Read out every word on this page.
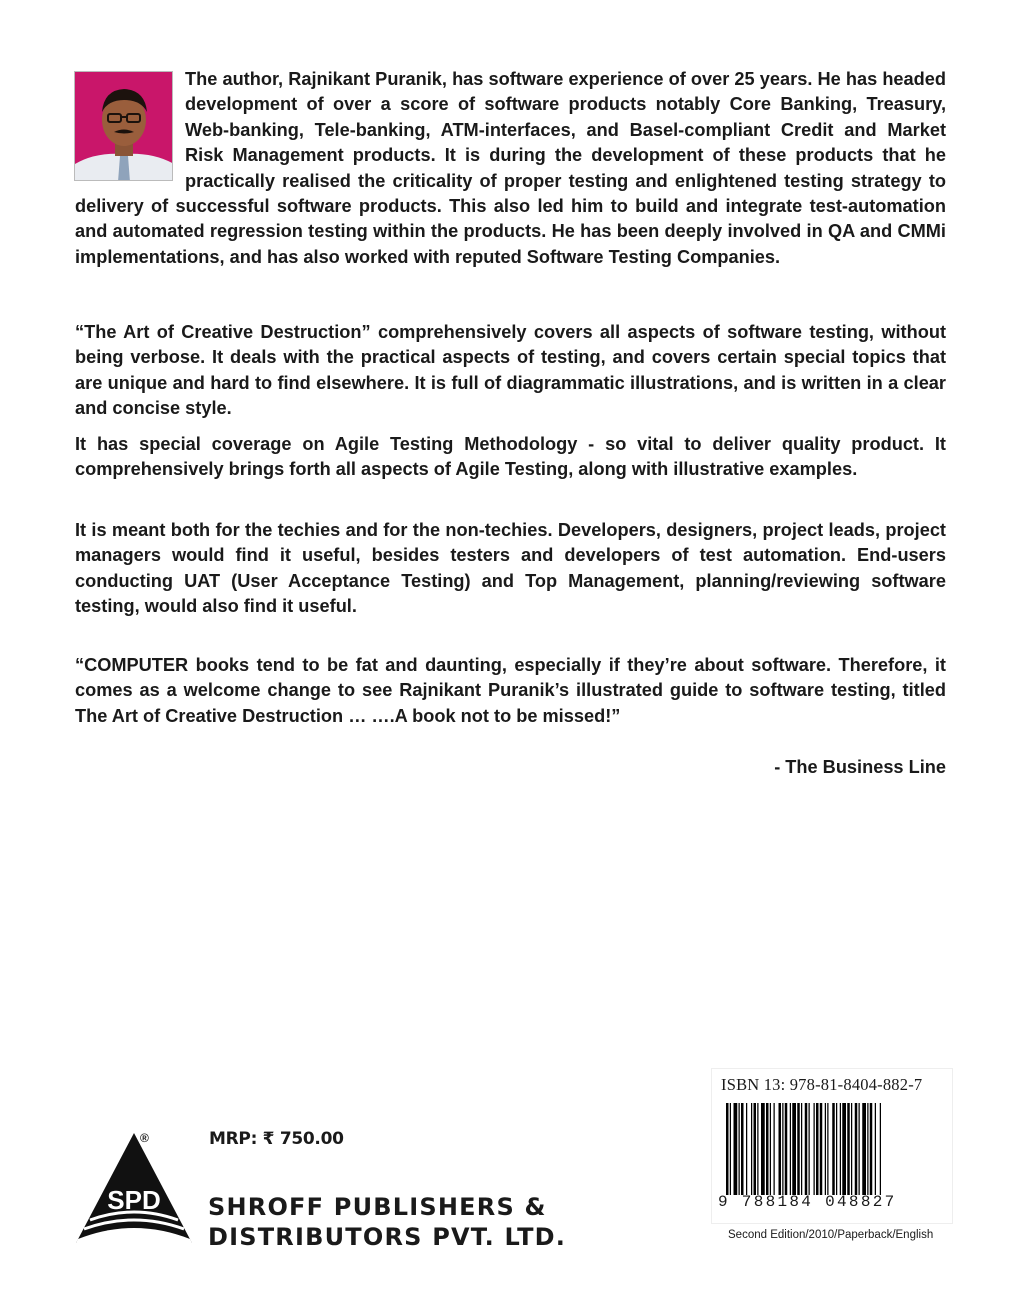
The author, Rajnikant Puranik, has software experience of over 25 years. He has headed development of over a score of software products notably Core Banking, Treasury, Web-banking, Tele-banking, ATM-interfaces, and Basel-compliant Credit and Market Risk Management products. It is during the development of these products that he practically realised the criticality of proper testing and enlightened testing strategy to delivery of successful software products. This also led him to build and integrate test-automation and automated regression testing within the products. He has been deeply involved in QA and CMMi implementations, and has also worked with reputed Software Testing Companies.

“The Art of Creative Destruction” comprehensively covers all aspects of software testing, without being verbose. It deals with the practical aspects of testing, and covers certain special topics that are unique and hard to find elsewhere. It is full of diagrammatic illustrations, and is written in a clear and concise style.

It has special coverage on Agile Testing Methodology - so vital to deliver quality product. It comprehensively brings forth all aspects of Agile Testing, along with illustrative examples.

It is meant both for the techies and for the non-techies. Developers, designers, project leads, project managers would find it useful, besides testers and developers of test automation. End-users conducting UAT (User Acceptance Testing) and Top Management, planning/reviewing software testing, would also find it useful.

“COMPUTER books tend to be fat and daunting, especially if they’re about software. Therefore, it comes as a welcome change to see Rajnikant Puranik’s illustrated guide to software testing, titled The Art of Creative Destruction … ….A book not to be missed!”

- The Business Line
SPD
®	MRP: ₹ 750.00
SHROFF PUBLISHERS &
DISTRIBUTORS PVT. LTD.
ISBN 13: 978-81-8404-882-7
9 788184 048827
Second Edition/2010/Paperback/English
